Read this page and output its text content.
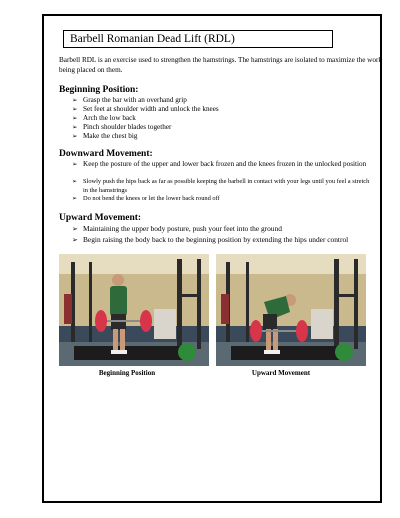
Barbell Romanian Dead Lift (RDL)
Barbell RDL is an exercise used to strengthen the hamstrings. The hamstrings are isolated to maximize the work being placed on them.
Beginning Position:
➢ Grasp the bar with an overhand grip
➢ Set feet at shoulder width and unlock the knees
➢ Arch the low back
➢ Pinch shoulder blades together
➢ Make the chest big
Downward Movement:
➢ Keep the posture of the upper and lower back frozen and the knees frozen in the unlocked position
➢ Slowly push the hips back as far as possible keeping the barbell in contact with your legs until you feel a stretch in the hamstrings
➢ Do not bend the knees or let the lower back round off
Upward Movement:
➢ Maintaining the upper body posture, push your feet into the ground
➢ Begin raising the body back to the beginning position by extending the hips under control
Beginning Position	Upward Movement
